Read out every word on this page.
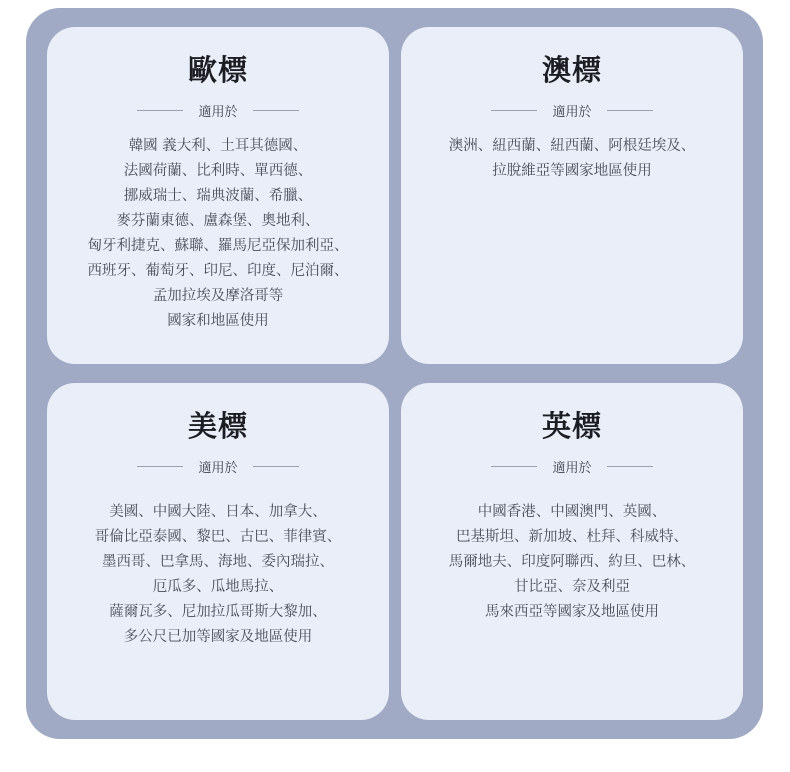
歐標
適用於
韓國 義大利、土耳其德國、
法國荷蘭、比利時、單西德、
挪威瑞士、瑞典波蘭、希臘、
麥芬蘭東德、盧森堡、奧地利、
匈牙利捷克、蘇聯、羅馬尼亞保加利亞、
西班牙、葡萄牙、印尼、印度、尼泊爾、
孟加拉埃及摩洛哥等
國家和地區使用
澳標
適用於
澳洲、紐西蘭、紐西蘭、阿根廷埃及、
拉脫維亞等國家地區使用
美標
適用於
美國、中國大陸、日本、加拿大、
哥倫比亞泰國、黎巴、古巴、菲律賓、
墨西哥、巴拿馬、海地、委內瑞拉、
厄瓜多、瓜地馬拉、
薩爾瓦多、尼加拉瓜哥斯大黎加、
多公尺已加等國家及地區使用
英標
適用於
中國香港、中國澳門、英國、
巴基斯坦、新加坡、杜拜、科威特、
馬爾地夫、印度阿聯西、約旦、巴林、
甘比亞、奈及利亞
馬來西亞等國家及地區使用
